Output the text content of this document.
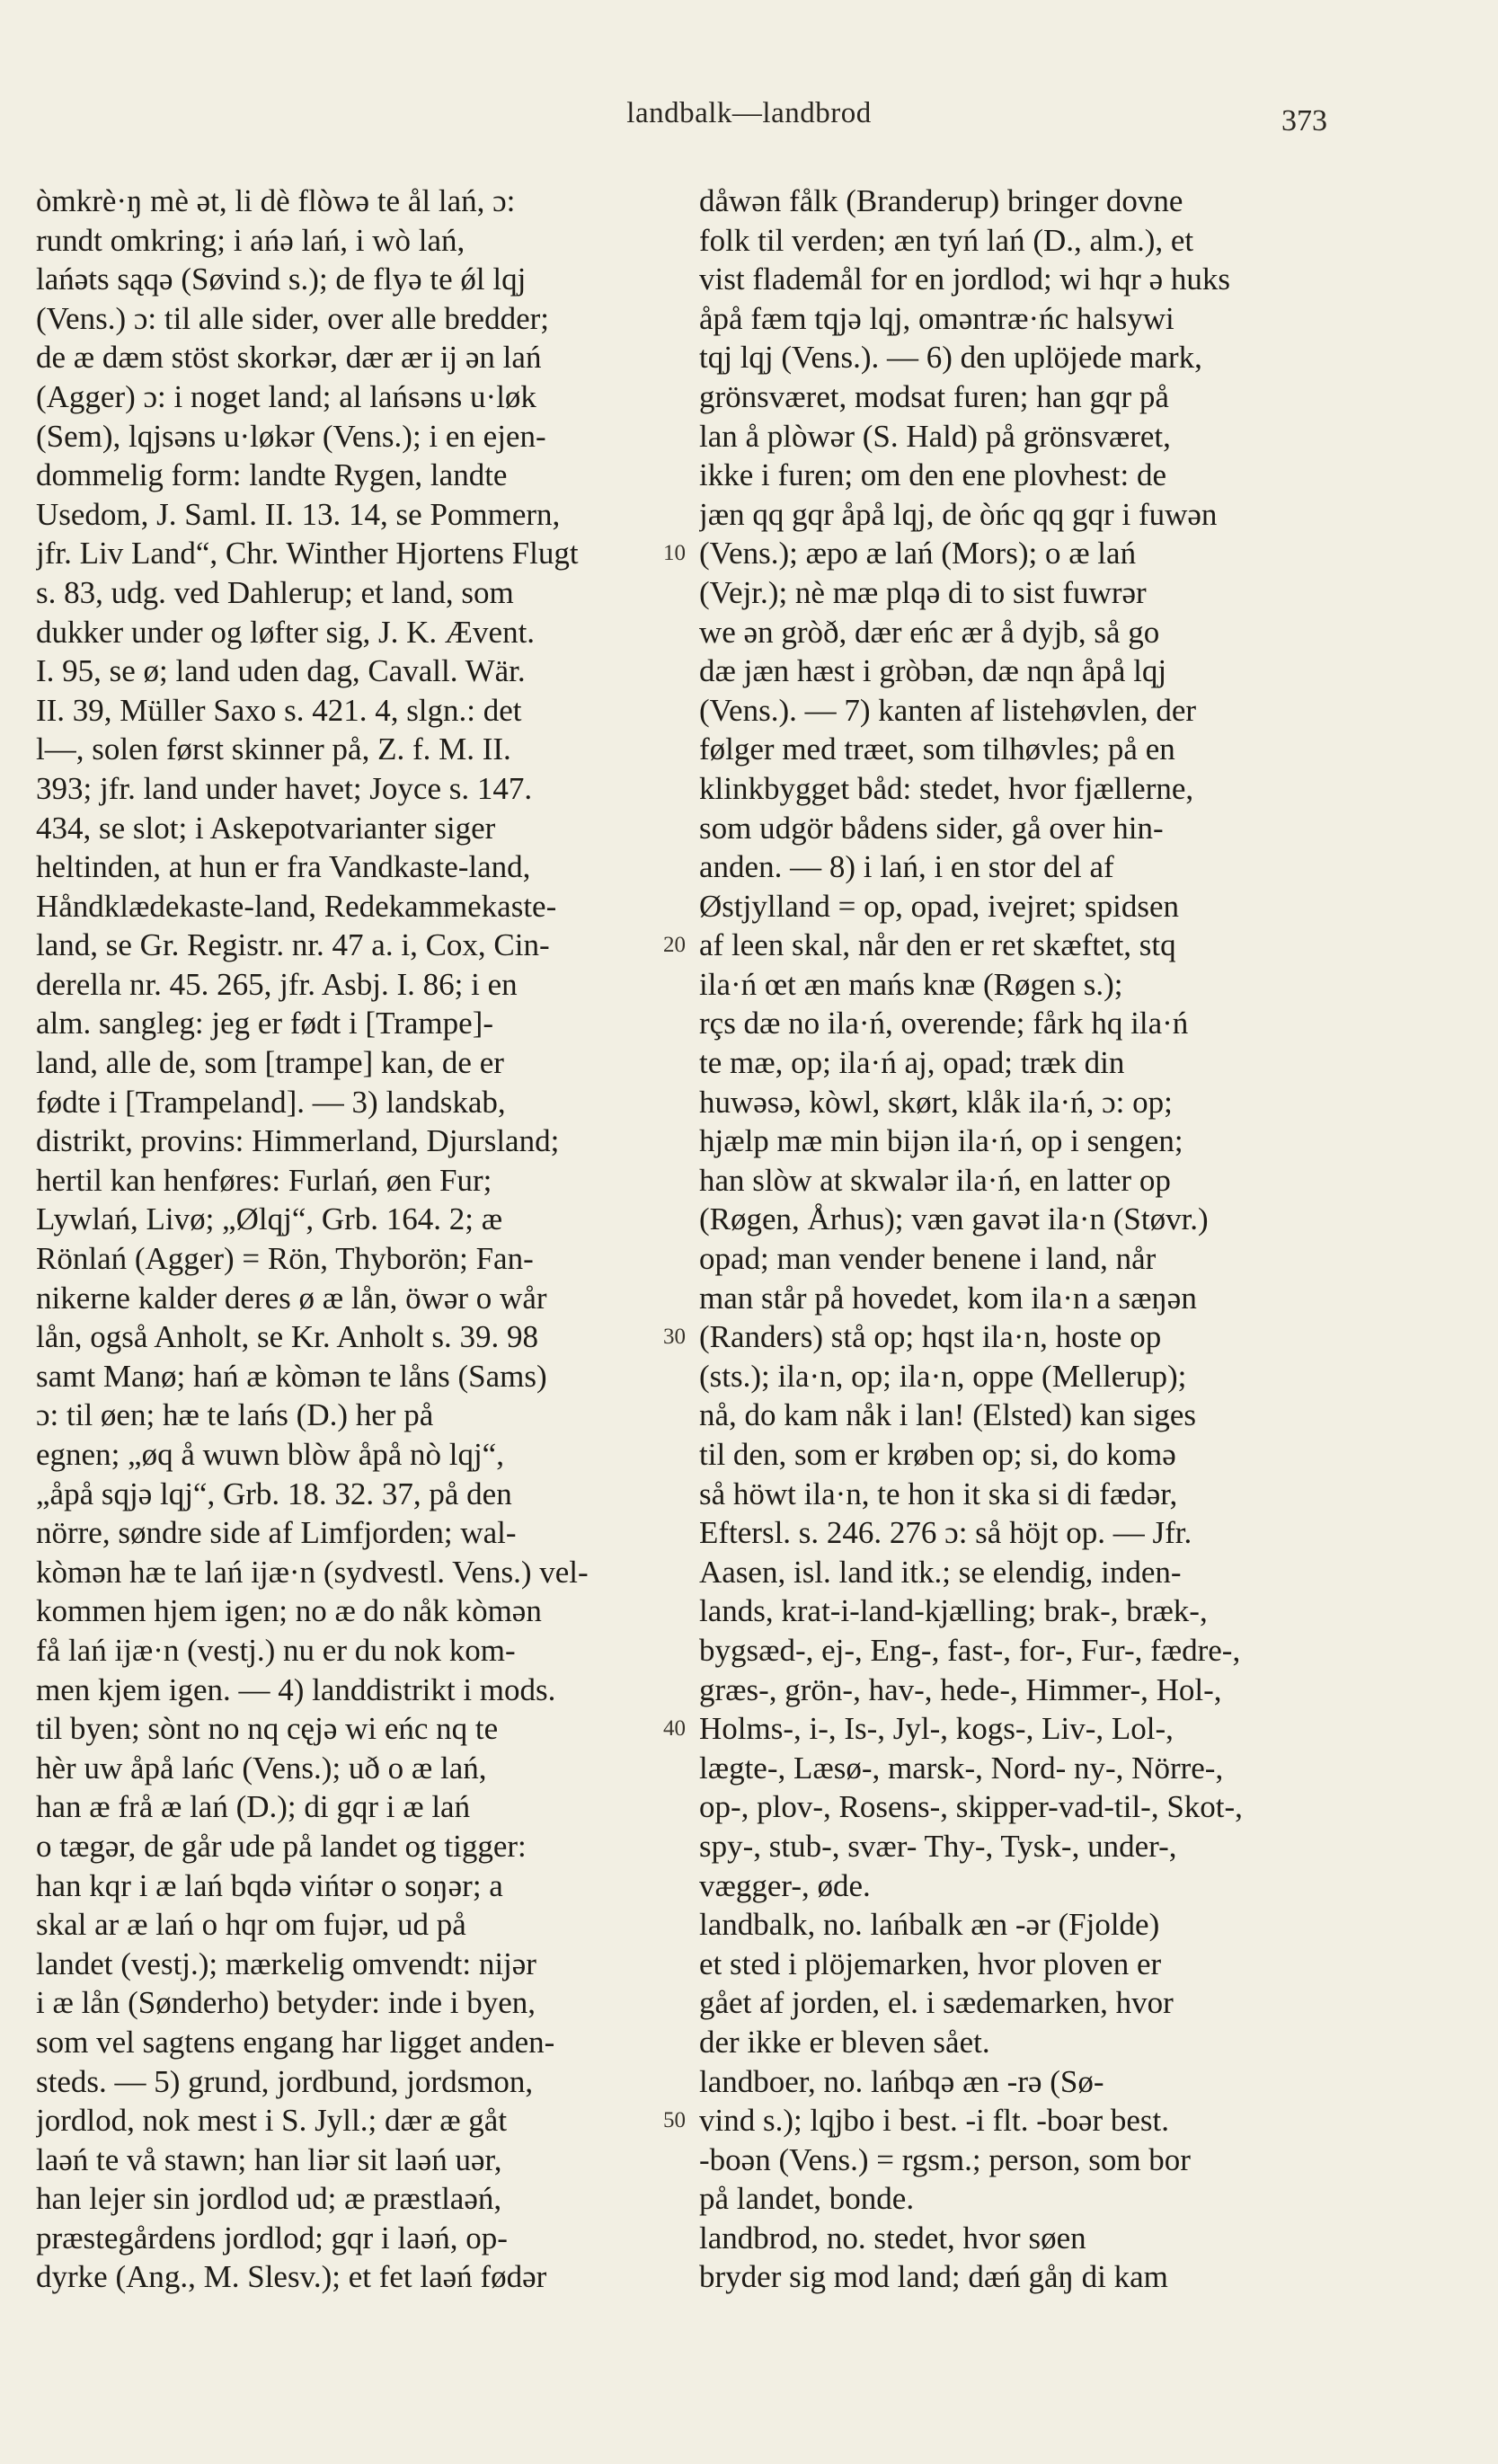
landbalk—landbrod	373
òmkrè·ŋ mè ət, li dè flòwə te ål lań, ɔ:
rundt omkring; i ańə lań, i wò lań,
lańəts sąqə (Søvind s.); de flyə te ǿl lqj
(Vens.) ɔ: til alle sider, over alle bredder;
de æ dæm stöst skorkər, dær ær ij ən lań
(Agger) ɔ: i noget land; al lańsəns u·løk
(Sem), lqjsəns u·løkər (Vens.); i en ejen-
dommelig form: landte Rygen, landte
Usedom, J. Saml. II. 13. 14, se Pommern,
jfr. Liv Land“, Chr. Winther Hjortens Flugt
s. 83, udg. ved Dahlerup; et land, som
dukker under og løfter sig, J. K. Ævent.
I. 95, se ø; land uden dag, Cavall. Wär.
II. 39, Müller Saxo s. 421. 4, slgn.: det
l—, solen først skinner på, Z. f. M. II.
393; jfr. land under havet; Joyce s. 147.
434, se slot; i Askepotvarianter siger
heltinden, at hun er fra Vandkaste-land,
Håndklædekaste-land, Redekammekaste-
land, se Gr. Registr. nr. 47 a. i, Cox, Cin-
derella nr. 45. 265, jfr. Asbj. I. 86; i en
alm. sangleg: jeg er født i [Trampe]-
land, alle de, som [trampe] kan, de er
fødte i [Trampeland]. — 3) landskab,
distrikt, provins: Himmerland, Djursland;
hertil kan henføres: Furlań, øen Fur;
Lywlań, Livø; „Ølqj“, Grb. 164. 2; æ
Rönlań (Agger) = Rön, Thyborön; Fan-
nikerne kalder deres ø æ lån, öwər o wår
lån, også Anholt, se Kr. Anholt s. 39. 98
samt Manø; hań æ kòmən te låns (Sams)
ɔ: til øen; hæ te lańs (D.) her på
egnen; „øq å wuwn blòw åpå nò lqj“,
„åpå sqjə lqj“, Grb. 18. 32. 37, på den
nörre, søndre side af Limfjorden; wal-
kòmən hæ te lań ijæ·n (sydvestl. Vens.) vel-
kommen hjem igen; no æ do nåk kòmən
få lań ijæ·n (vestj.) nu er du nok kom-
men kjem igen. — 4) landdistrikt i mods.
til byen; sònt no nq cęjə wi eńc nq te
hèr uw åpå lańc (Vens.); uð o æ lań,
han æ frå æ lań (D.); di gqr i æ lań
o tægər, de går ude på landet og tigger:
han kqr i æ lań bqdə vińtər o soŋər; a
skal ar æ lań o hqr om fujər, ud på
landet (vestj.); mærkelig omvendt: nijər
i æ lån (Sønderho) betyder: inde i byen,
som vel sagtens engang har ligget anden-
steds. — 5) grund, jordbund, jordsmon,
jordlod, nok mest i S. Jyll.; dær æ gåt
laəń te vå stawn; han liər sit laəń uər,
han lejer sin jordlod ud; æ præstlaəń,
præstegårdens jordlod; gqr i laəń, op-
dyrke (Ang., M. Slesv.); et fet laəń fødər
10
20
30
40
50
dåwən fålk (Branderup) bringer dovne
folk til verden; æn tyń lań (D., alm.), et
vist flademål for en jordlod; wi hqr ə huks
åpå fæm tqjə lqj, oməntræ·ńc halsywi
tqj lqj (Vens.). — 6) den uplöjede mark,
grönsværet, modsat furen; han gqr på
lan å plòwər (S. Hald) på grönsværet,
ikke i furen; om den ene plovhest: de
jæn qq gqr åpå lqj, de òńc qq gqr i fuwən
(Vens.); æpo æ lań (Mors); o æ lań
(Vejr.); nè mæ plqə di to sist fuwrər
we ən gròð, dær eńc ær å dyjb, så go
dæ jæn hæst i gròbən, dæ nqn åpå lqj
(Vens.). — 7) kanten af listehøvlen, der
følger med træet, som tilhøvles; på en
klinkbygget båd: stedet, hvor fjællerne,
som udgör bådens sider, gå over hin-
anden. — 8) i lań, i en stor del af
Østjylland = op, opad, ivejret; spidsen
af leen skal, når den er ret skæftet, stq
ila·ń œt æn mańs knæ (Røgen s.);
rçs dæ no ila·ń, overende; fårk hq ila·ń
te mæ, op; ila·ń aj, opad; træk din
huwəsə, kòwl, skørt, klåk ila·ń, ɔ: op;
hjælp mæ min bijən ila·ń, op i sengen;
han slòw at skwalər ila·ń, en latter op
(Røgen, Århus); væn gavət ila·n (Støvr.)
opad; man vender benene i land, når
man står på hovedet, kom ila·n a sæŋən
(Randers) stå op; hqst ila·n, hoste op
(sts.); ila·n, op; ila·n, oppe (Mellerup);
nå, do kam nåk i lan! (Elsted) kan siges
til den, som er krøben op; si, do komə
så höwt ila·n, te hon it ska si di fædər,
Eftersl. s. 246. 276 ɔ: så höjt op. — Jfr.
Aasen, isl. land itk.; se elendig, inden-
lands, krat-i-land-kjælling; brak-, bræk-,
bygsæd-, ej-, Eng-, fast-, for-, Fur-, fædre-,
græs-, grön-, hav-, hede-, Himmer-, Hol-,
Holms-, i-, Is-, Jyl-, kogs-, Liv-, Lol-,
lægte-, Læsø-, marsk-, Nord- ny-, Nörre-,
op-, plov-, Rosens-, skipper-vad-til-, Skot-,
spy-, stub-, svær- Thy-, Tysk-, under-,
vægger-, øde.
landbalk, no. lańbalk æn -ər (Fjolde)
et sted i plöjemarken, hvor ploven er
gået af jorden, el. i sædemarken, hvor
der ikke er bleven sået.
landboer, no. lańbqə æn -rə (Sø-
vind s.); lqjbo i best. -i flt. -boər best.
-boən (Vens.) = rgsm.; person, som bor
på landet, bonde.
landbrod, no. stedet, hvor søen
bryder sig mod land; dæń gåŋ di kam
